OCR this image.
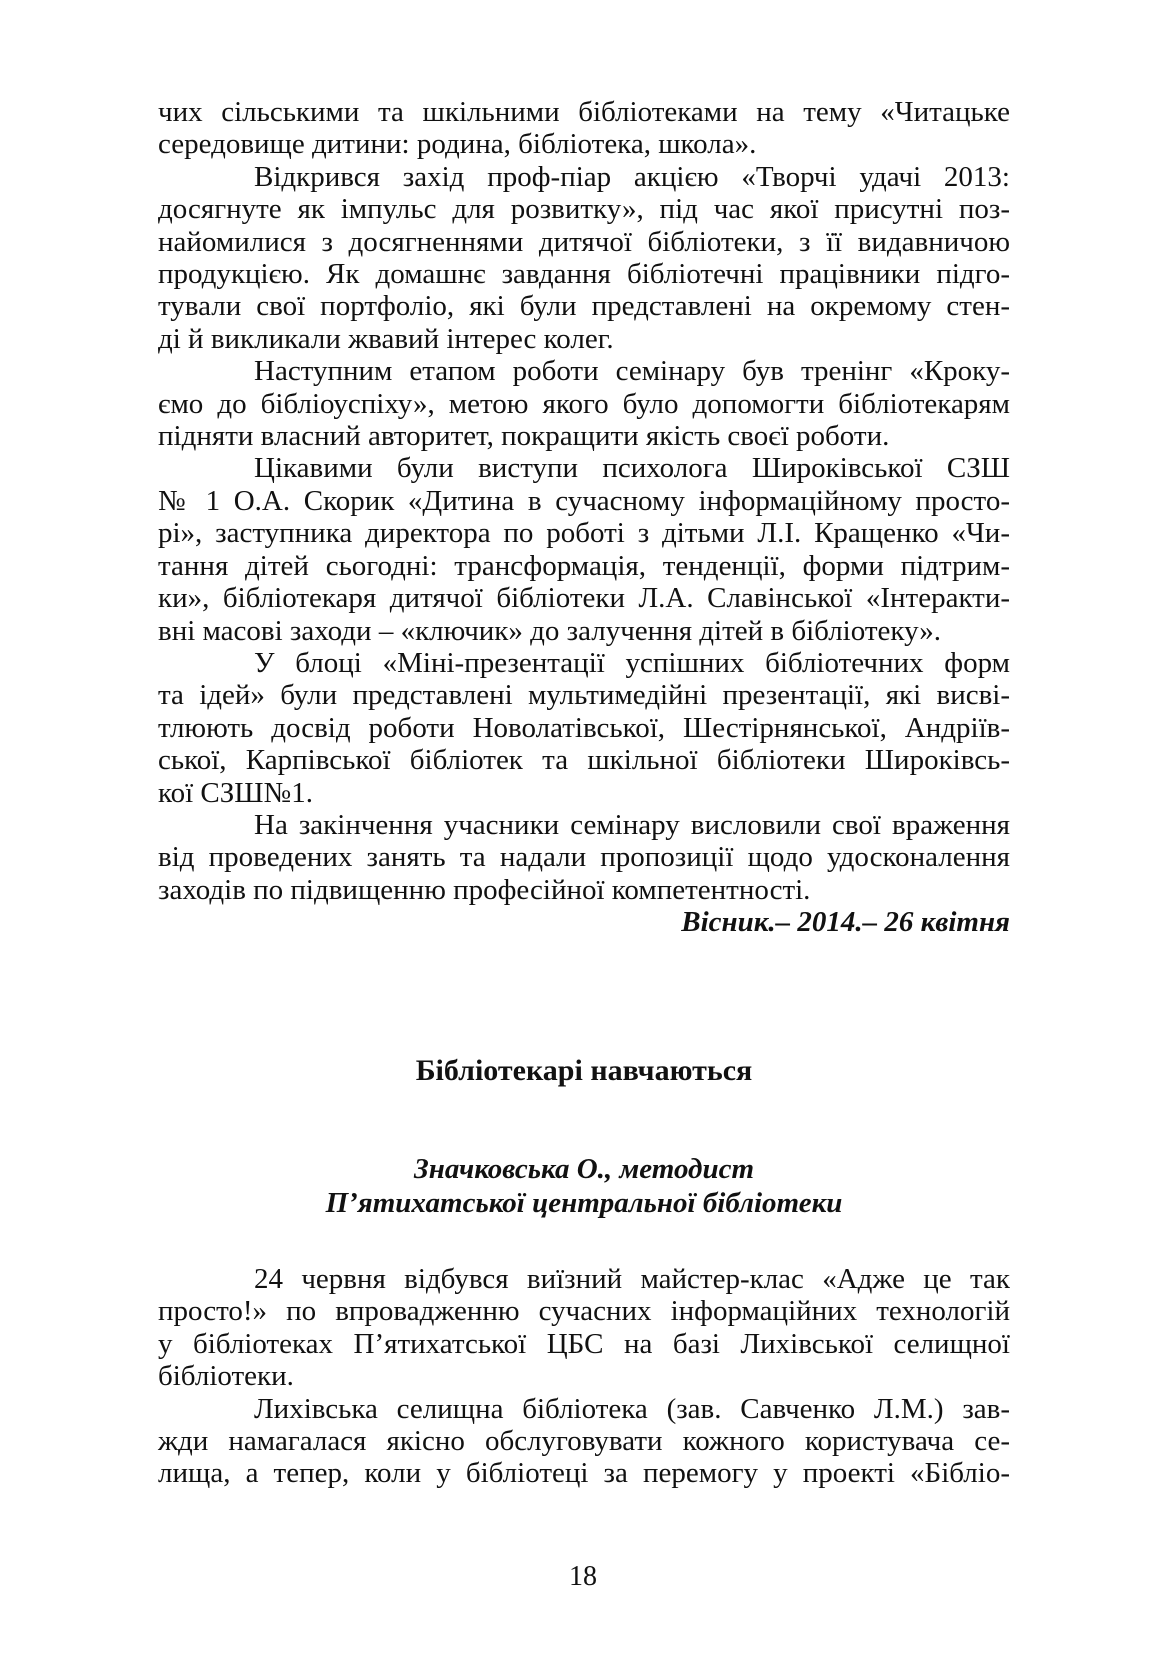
чих сільськими та шкільними бібліотеками на тему «Читацьке
середовище дитини: родина, бібліотека, школа».
Відкрився захід проф-піар акцією «Творчі удачі 2013:
досягнуте як імпульс для розвитку», під час якої присутні поз-
найомилися з досягненнями дитячої бібліотеки, з її видавничою
продукцією. Як домашнє завдання бібліотечні працівники підго-
тували свої портфоліо, які були представлені на окремому стен-
ді й викликали жвавий інтерес колег.
Наступним етапом роботи семінару був тренінг «Кроку-
ємо до бібліоуспіху», метою якого було допомогти бібліотекарям
підняти власний авторитет, покращити якість своєї роботи.
Цікавими були виступи психолога Широківської СЗШ
№ 1 О.А. Скорик «Дитина в сучасному інформаційному просто-
рі», заступника директора по роботі з дітьми Л.І. Кращенко «Чи-
тання дітей сьогодні: трансформація, тенденції, форми підтрим-
ки», бібліотекаря дитячої бібліотеки Л.А. Славінської «Інтеракти-
вні масові заходи – «ключик» до залучення дітей в бібліотеку».
У блоці «Міні-презентації успішних бібліотечних форм
та ідей» були представлені мультимедійні презентації, які висві-
тлюють досвід роботи Новолатівської, Шестірнянської, Андріїв-
ської, Карпівської бібліотек та шкільної бібліотеки Широківсь-
кої СЗШ№1.
На закінчення учасники семінару висловили свої враження
від проведених занять та надали пропозиції щодо удосконалення
заходів по підвищенню професійної компетентності.
Вісник.– 2014.– 26 квітня
Бібліотекарі навчаються
Значковська О., методист
П’ятихатської центральної бібліотеки
24 червня відбувся виїзний майстер-клас «Адже це так
просто!» по впровадженню сучасних інформаційних технологій
у бібліотеках П’ятихатської ЦБС на базі Лихівської селищної
бібліотеки.
Лихівська селищна бібліотека (зав. Савченко Л.М.) зав-
жди намагалася якісно обслуговувати кожного користувача се-
лища, а тепер, коли у бібліотеці за перемогу у проекті «Бібліо-
18
